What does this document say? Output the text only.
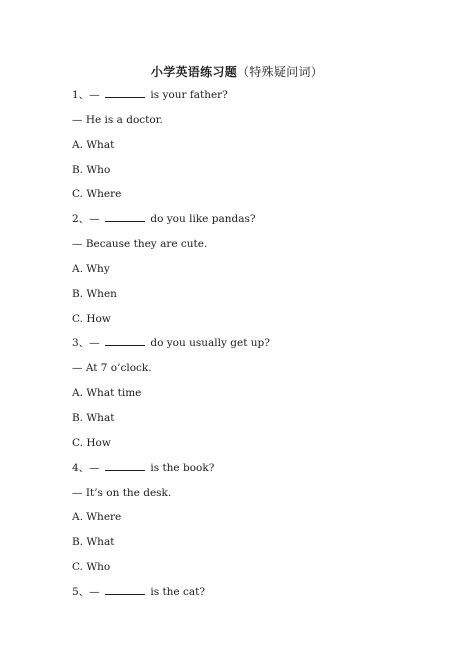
小学英语练习题（特殊疑问词）
1、—	is your father?
— He is a doctor.
A. What
B. Who
C. Where
2、—	do you like pandas?
— Because they are cute.
A. Why
B. When
C. How
3、—	do you usually get up?
— At 7 o’clock.
A. What time
B. What
C. How
4、—	is the book?
— It’s on the desk.
A. Where
B. What
C. Who
5、—	is the cat?
